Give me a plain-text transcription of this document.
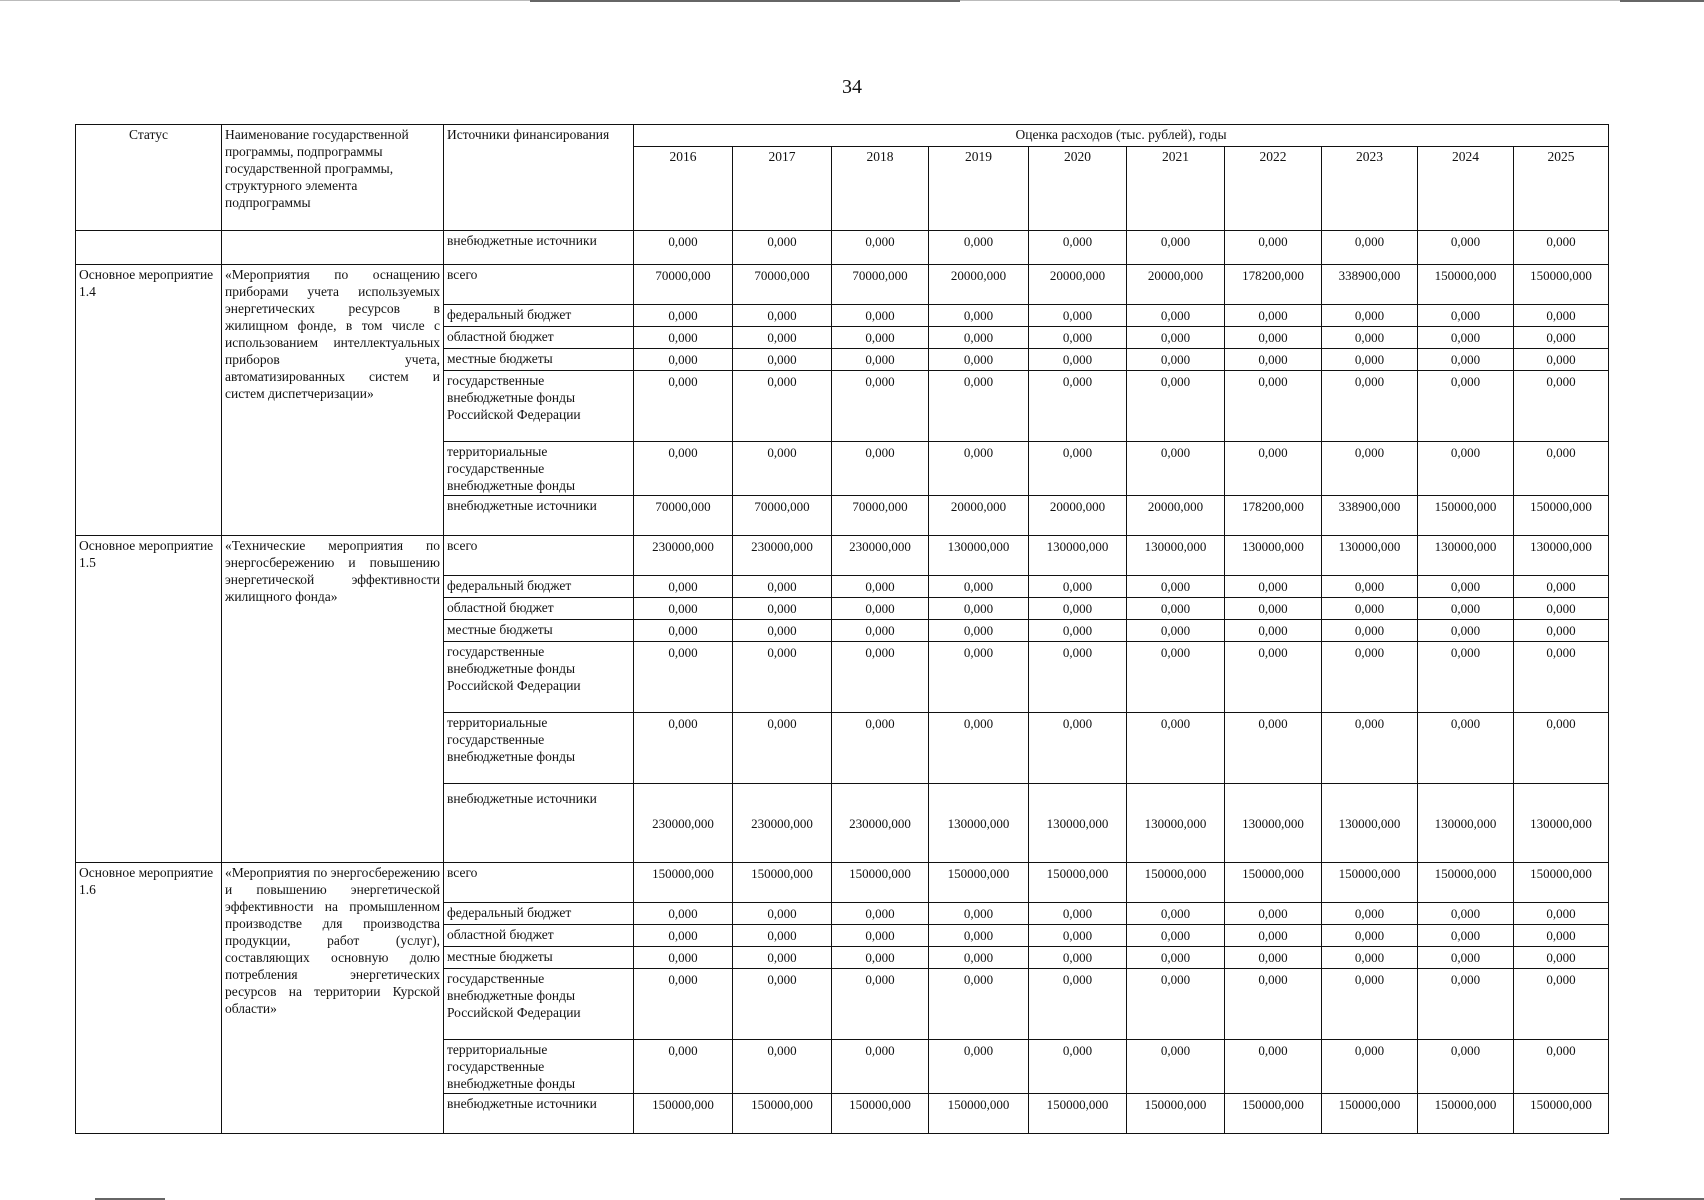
34
Статус	Наименование государственной программы, подпрограммы государственной программы, структурного элемента подпрограммы	Источники финансирования	Оценка расходов (тыс. рублей), годы									
			2016	2017	2018	2019	2020	2021	2022	2023	2024	2025
		внебюджетные источники	0,000	0,000	0,000	0,000	0,000	0,000	0,000	0,000	0,000	0,000
Основное мероприятие 1.4	«Мероприятия по оснащению приборами учета используемых энергетических ресурсов в жилищном фонде, в том числе с использованием интеллектуальных приборов учета, автоматизированных систем и систем диспетчеризации»	всего	70000,000	70000,000	70000,000	20000,000	20000,000	20000,000	178200,000	338900,000	150000,000	150000,000
		федеральный бюджет	0,000	0,000	0,000	0,000	0,000	0,000	0,000	0,000	0,000	0,000
		областной бюджет	0,000	0,000	0,000	0,000	0,000	0,000	0,000	0,000	0,000	0,000
		местные бюджеты	0,000	0,000	0,000	0,000	0,000	0,000	0,000	0,000	0,000	0,000
		государственные внебюджетные фонды Российской Федерации	0,000	0,000	0,000	0,000	0,000	0,000	0,000	0,000	0,000	0,000
		территориальные государственные внебюджетные фонды	0,000	0,000	0,000	0,000	0,000	0,000	0,000	0,000	0,000	0,000
		внебюджетные источники	70000,000	70000,000	70000,000	20000,000	20000,000	20000,000	178200,000	338900,000	150000,000	150000,000
Основное мероприятие 1.5	«Технические мероприятия по энергосбережению и повышению энергетической эффективности жилищного фонда»	всего	230000,000	230000,000	230000,000	130000,000	130000,000	130000,000	130000,000	130000,000	130000,000	130000,000
		федеральный бюджет	0,000	0,000	0,000	0,000	0,000	0,000	0,000	0,000	0,000	0,000
		областной бюджет	0,000	0,000	0,000	0,000	0,000	0,000	0,000	0,000	0,000	0,000
		местные бюджеты	0,000	0,000	0,000	0,000	0,000	0,000	0,000	0,000	0,000	0,000
		государственные внебюджетные фонды Российской Федерации	0,000	0,000	0,000	0,000	0,000	0,000	0,000	0,000	0,000	0,000
		территориальные государственные внебюджетные фонды	0,000	0,000	0,000	0,000	0,000	0,000	0,000	0,000	0,000	0,000
		внебюджетные источники	230000,000	230000,000	230000,000	130000,000	130000,000	130000,000	130000,000	130000,000	130000,000	130000,000
Основное мероприятие 1.6	«Мероприятия по энергосбережению и повышению энергетической эффективности на промышленном производстве для производства продукции, работ (услуг), составляющих основную долю потребления энергетических ресурсов на территории Курской области»	всего	150000,000	150000,000	150000,000	150000,000	150000,000	150000,000	150000,000	150000,000	150000,000	150000,000
		федеральный бюджет	0,000	0,000	0,000	0,000	0,000	0,000	0,000	0,000	0,000	0,000
		областной бюджет	0,000	0,000	0,000	0,000	0,000	0,000	0,000	0,000	0,000	0,000
		местные бюджеты	0,000	0,000	0,000	0,000	0,000	0,000	0,000	0,000	0,000	0,000
		государственные внебюджетные фонды Российской Федерации	0,000	0,000	0,000	0,000	0,000	0,000	0,000	0,000	0,000	0,000
		территориальные государственные внебюджетные фонды	0,000	0,000	0,000	0,000	0,000	0,000	0,000	0,000	0,000	0,000
		внебюджетные источники	150000,000	150000,000	150000,000	150000,000	150000,000	150000,000	150000,000	150000,000	150000,000	150000,000
